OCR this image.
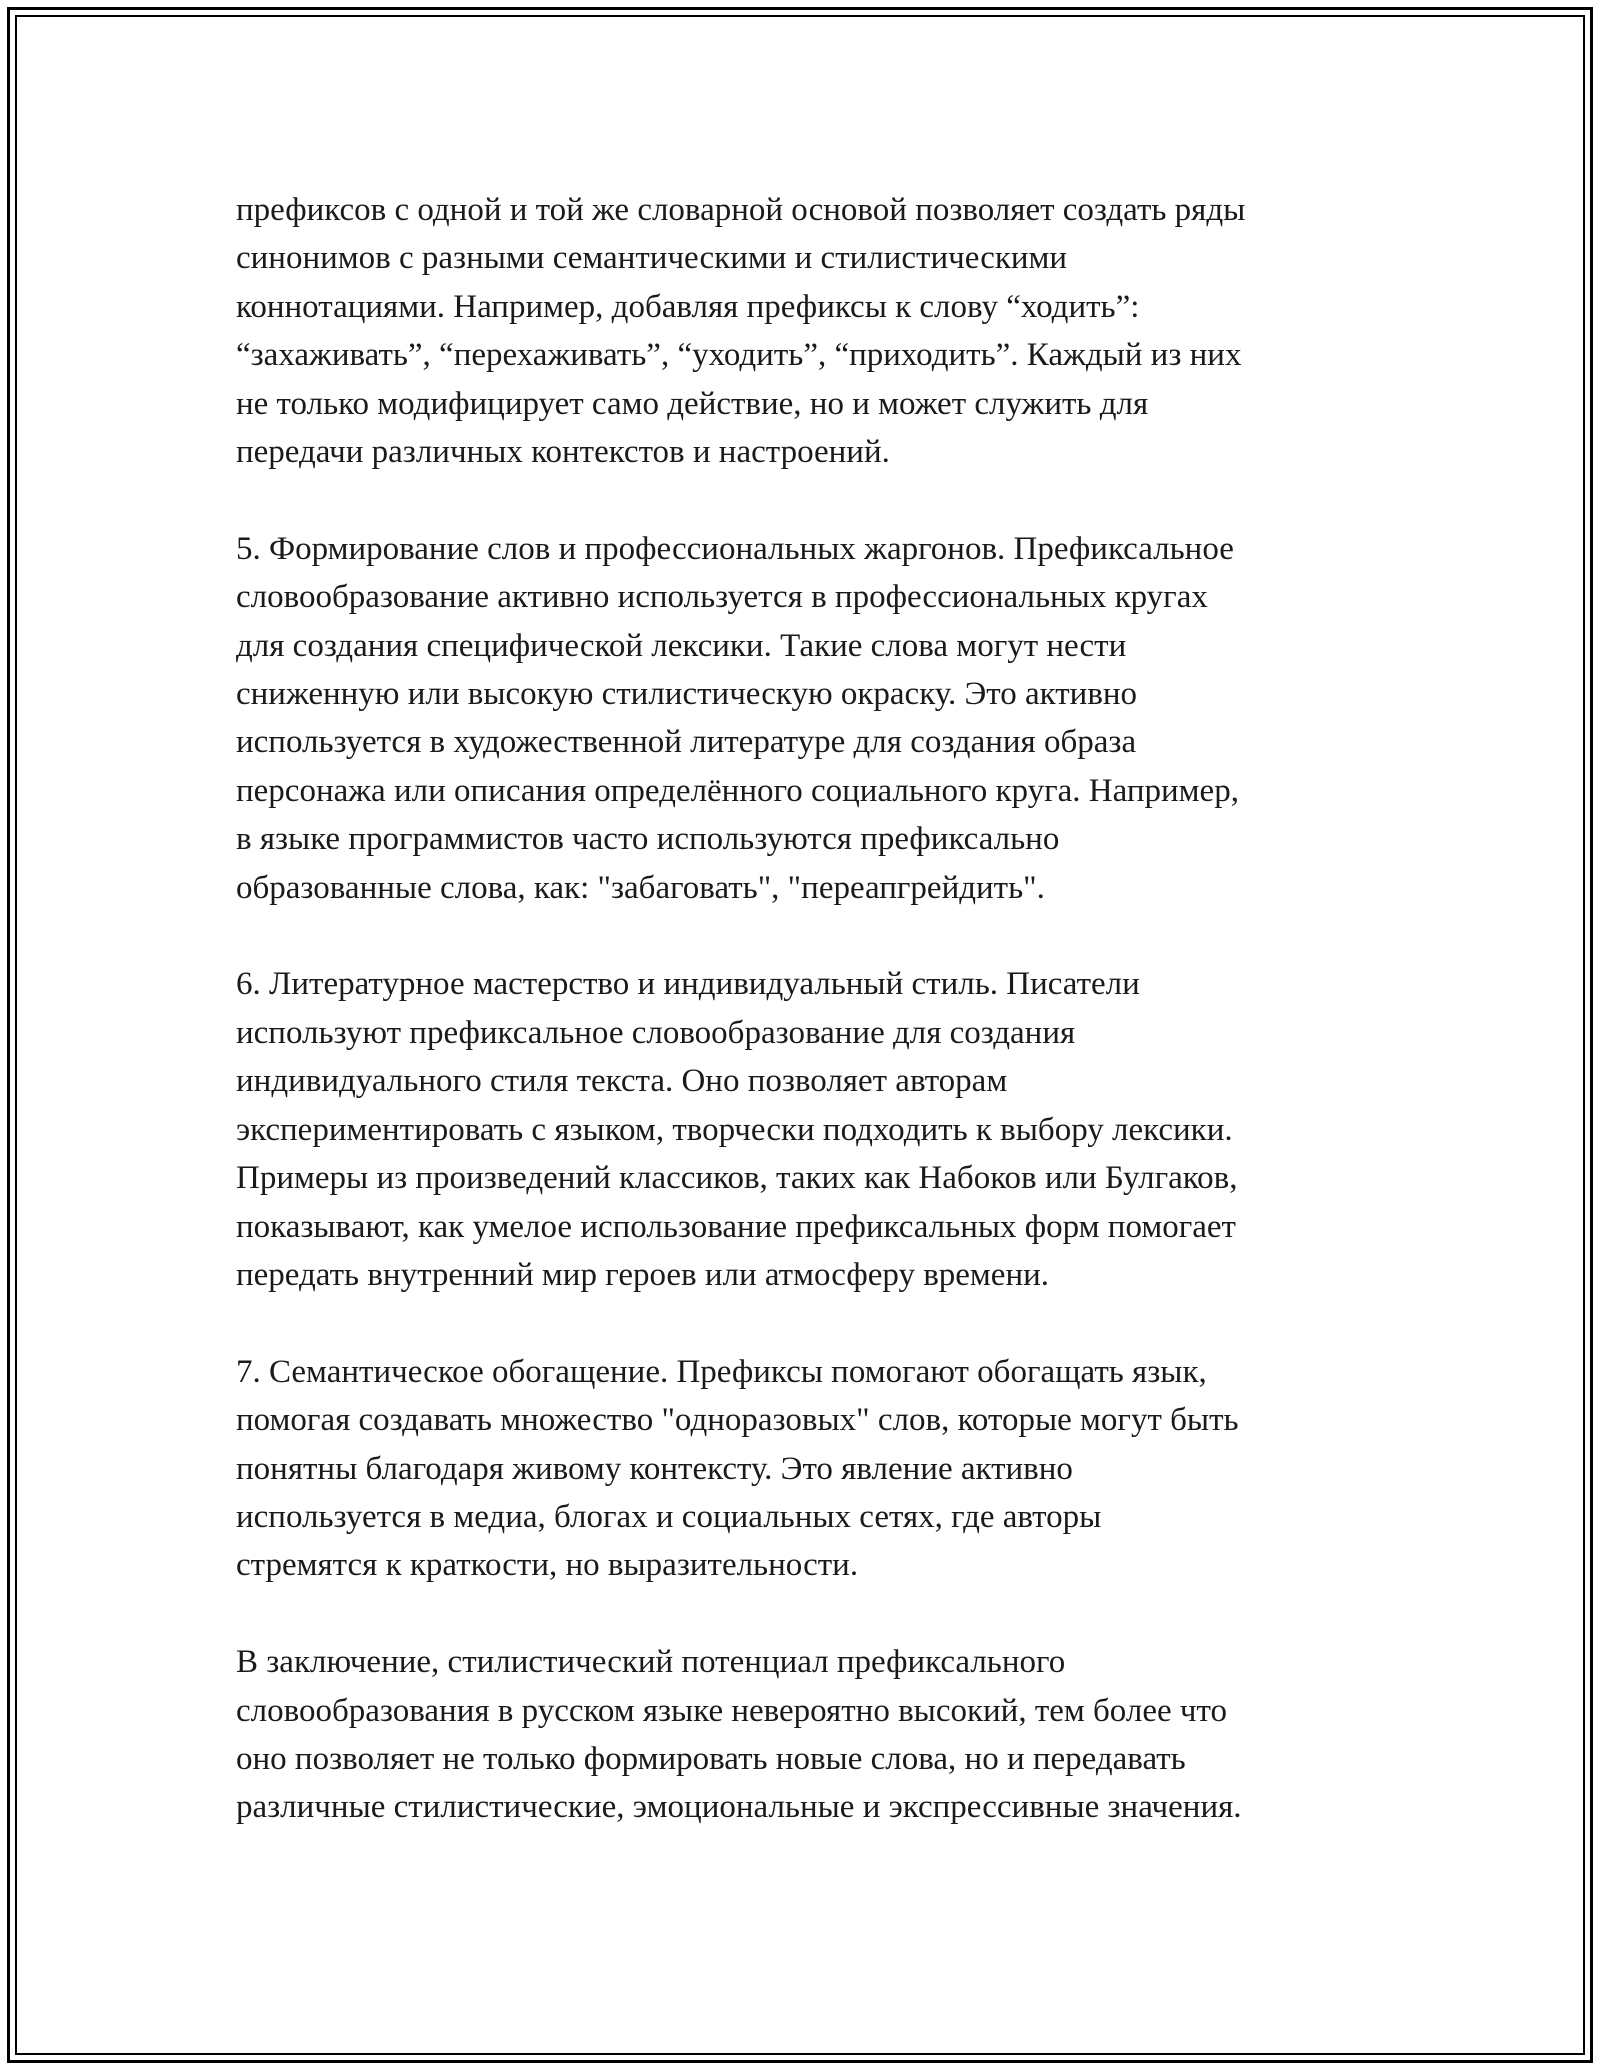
префиксов с одной и той же словарной основой позволяет создать ряды
синонимов с разными семантическими и стилистическими
коннотациями. Например, добавляя префиксы к слову “ходить”:
“захаживать”, “перехаживать”, “уходить”, “приходить”. Каждый из них
не только модифицирует само действие, но и может служить для
передачи различных контекстов и настроений.
5. Формирование слов и профессиональных жаргонов. Префиксальное
словообразование активно используется в профессиональных кругах
для создания специфической лексики. Такие слова могут нести
сниженную или высокую стилистическую окраску. Это активно
используется в художественной литературе для создания образа
персонажа или описания определённого социального круга. Например,
в языке программистов часто используются префиксально
образованные слова, как: "забаговать", "переапгрейдить".
6. Литературное мастерство и индивидуальный стиль. Писатели
используют префиксальное словообразование для создания
индивидуального стиля текста. Оно позволяет авторам
экспериментировать с языком, творчески подходить к выбору лексики.
Примеры из произведений классиков, таких как Набоков или Булгаков,
показывают, как умелое использование префиксальных форм помогает
передать внутренний мир героев или атмосферу времени.
7. Семантическое обогащение. Префиксы помогают обогащать язык,
помогая создавать множество "одноразовых" слов, которые могут быть
понятны благодаря живому контексту. Это явление активно
используется в медиа, блогах и социальных сетях, где авторы
стремятся к краткости, но выразительности.
В заключение, стилистический потенциал префиксального
словообразования в русском языке невероятно высокий, тем более что
оно позволяет не только формировать новые слова, но и передавать
различные стилистические, эмоциональные и экспрессивные значения.
